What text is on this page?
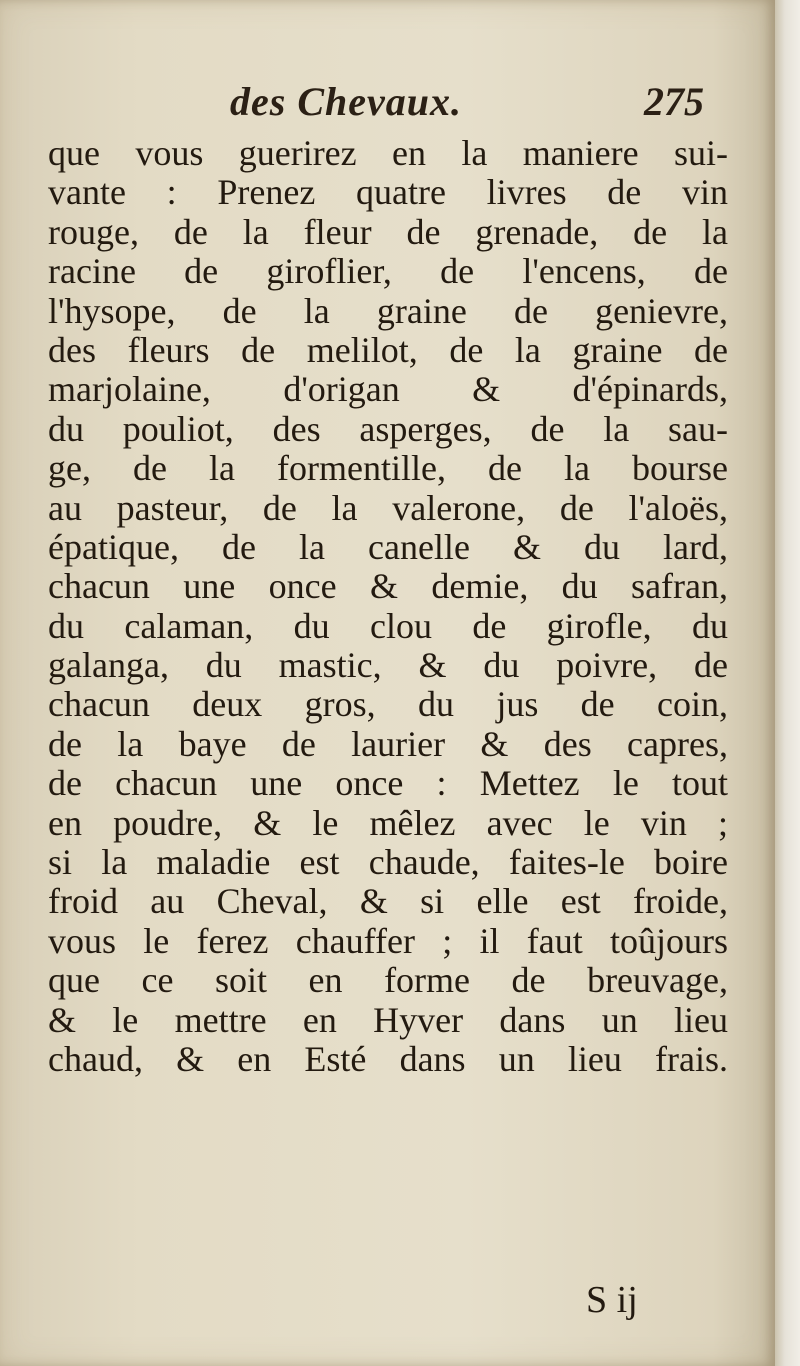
des Chevaux.	275
que vous guerirez en la maniere sui-
vante : Prenez quatre livres de vin
rouge, de la fleur de grenade, de la
racine de giroflier, de l'encens, de
l'hysope, de la graine de genievre,
des fleurs de melilot, de la graine de
marjolaine, d'origan & d'épinards,
du pouliot, des asperges, de la sau-
ge, de la formentille, de la bourse
au pasteur, de la valerone, de l'aloës,
épatique, de la canelle & du lard,
chacun une once & demie, du safran,
du calaman, du clou de girofle, du
galanga, du mastic, & du poivre, de
chacun deux gros, du jus de coin,
de la baye de laurier & des capres,
de chacun une once : Mettez le tout
en poudre, & le mêlez avec le vin ;
si la maladie est chaude, faites-le boire
froid au Cheval, & si elle est froide,
vous le ferez chauffer ; il faut toûjours
que ce soit en forme de breuvage,
& le mettre en Hyver dans un lieu
chaud, & en Esté dans un lieu frais.
S ij
